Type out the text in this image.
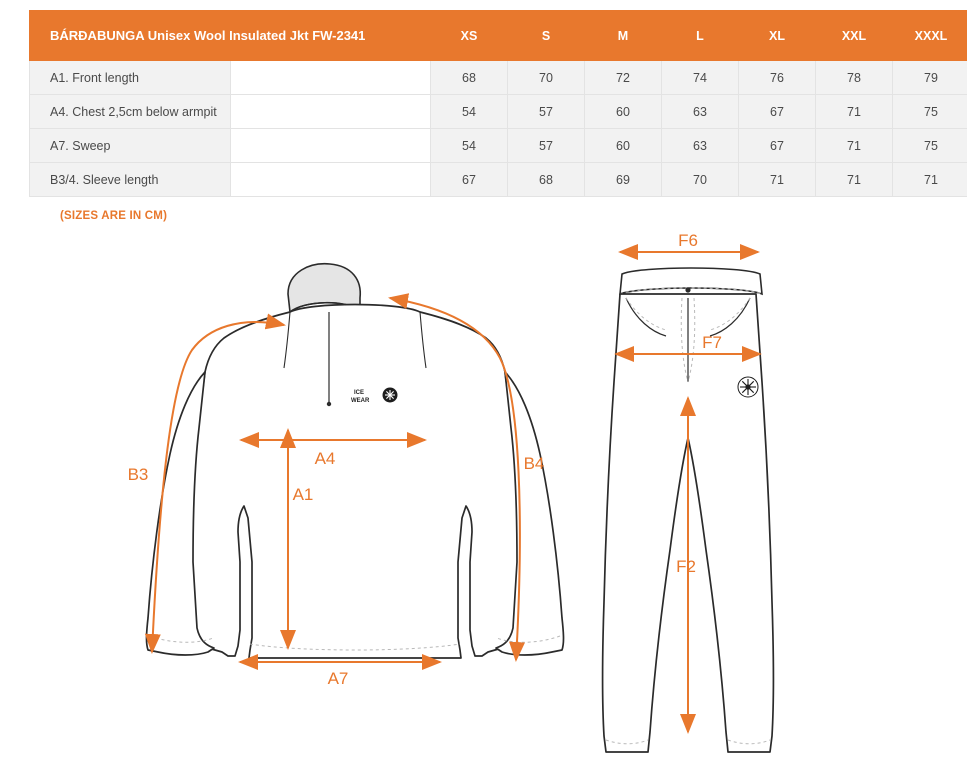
BÁRÐABUNGA Unisex Wool Insulated Jkt FW-2341		XS	S	M	L	XL	XXL	XXXL
A1. Front length		68	70	72	74	76	78	79
A4. Chest 2,5cm below armpit		54	57	60	63	67	71	75
A7. Sweep		54	57	60	63	67	71	75
B3/4. Sleeve length		67	68	69	70	71	71	71
(SIZES ARE IN CM)
ICE
WEAR
A4
A1
A7
B3
B4
F6
F7
F2
